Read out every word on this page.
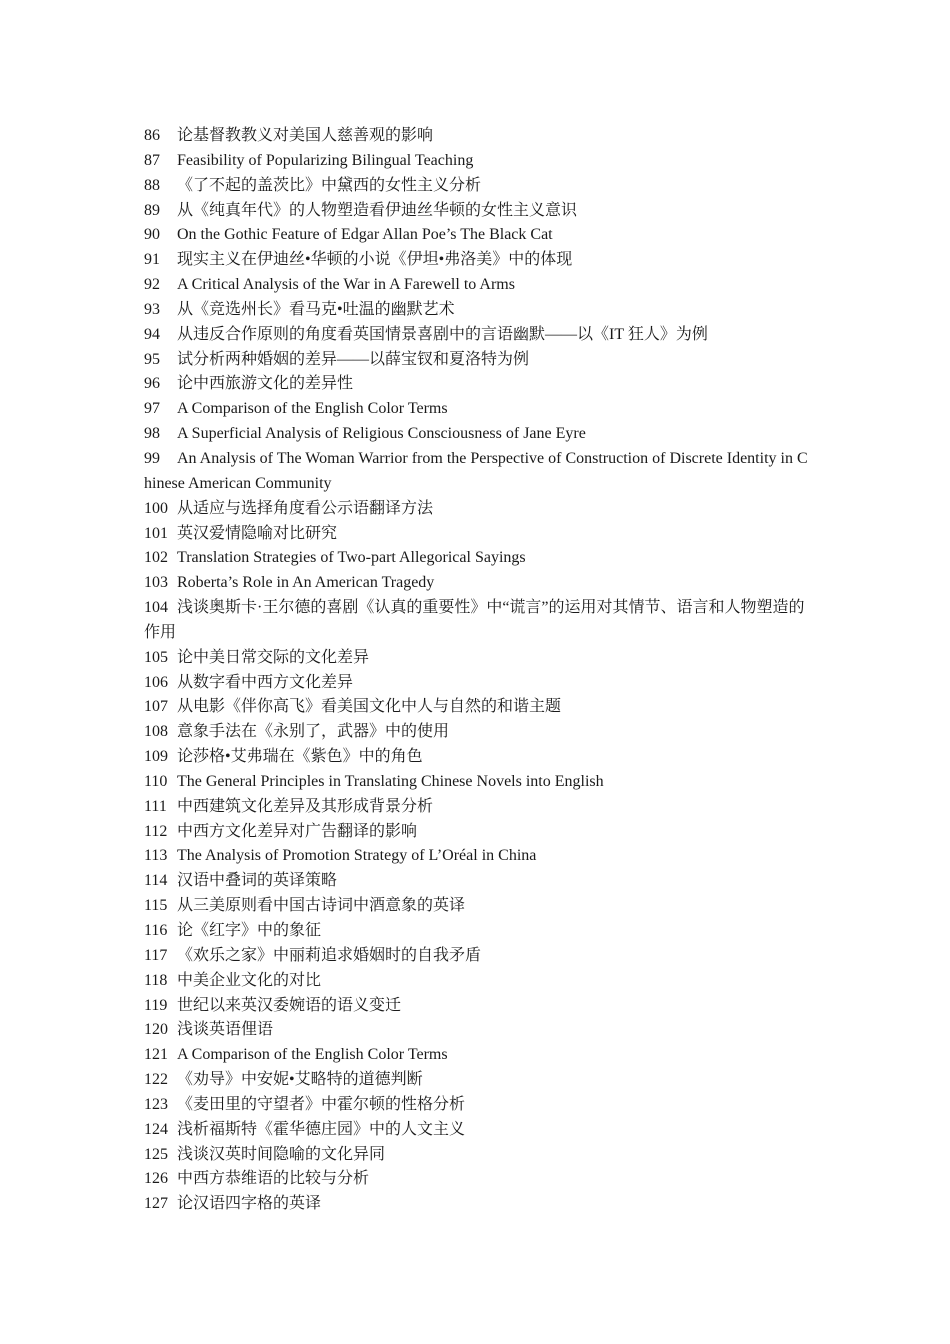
86 论基督教教义对美国人慈善观的影响
87 Feasibility of Popularizing Bilingual Teaching
88 《了不起的盖茨比》中黛西的女性主义分析
89 从《纯真年代》的人物塑造看伊迪丝华顿的女性主义意识
90 On the Gothic Feature of Edgar Allan Poe’s The Black Cat
91 现实主义在伊迪丝•华顿的小说《伊坦•弗洛美》中的体现
92 A Critical Analysis of the War in A Farewell to Arms
93 从《竞选州长》看马克•吐温的幽默艺术
94 从违反合作原则的角度看英国情景喜剧中的言语幽默——以《IT 狂人》为例
95 试分析两种婚姻的差异——以薛宝钗和夏洛特为例
96 论中西旅游文化的差异性
97 A Comparison of the English Color Terms
98 A Superficial Analysis of Religious Consciousness of Jane Eyre
99 An Analysis of The Woman Warrior from the Perspective of Construction of Discrete Identity in Chinese American Community
100 从适应与选择角度看公示语翻译方法
101 英汉爱情隐喻对比研究
102 Translation Strategies of Two-part Allegorical Sayings
103 Roberta’s Role in An American Tragedy
104 浅谈奥斯卡·王尔德的喜剧《认真的重要性》中“谎言”的运用对其情节、语言和人物塑造的作用
105 论中美日常交际的文化差异
106 从数字看中西方文化差异
107 从电影《伴你高飞》看美国文化中人与自然的和谐主题
108 意象手法在《永别了，武器》中的使用
109 论莎格•艾弗瑞在《紫色》中的角色
110 The General Principles in Translating Chinese Novels into English
111 中西建筑文化差异及其形成背景分析
112 中西方文化差异对广告翻译的影响
113 The Analysis of Promotion Strategy of L’Oréal in China
114 汉语中叠词的英译策略
115 从三美原则看中国古诗词中酒意象的英译
116 论《红字》中的象征
117 《欢乐之家》中丽莉追求婚姻时的自我矛盾
118 中美企业文化的对比
119 世纪以来英汉委婉语的语义变迁
120 浅谈英语俚语
121 A Comparison of the English Color Terms
122 《劝导》中安妮•艾略特的道德判断
123 《麦田里的守望者》中霍尔顿的性格分析
124 浅析福斯特《霍华德庄园》中的人文主义
125 浅谈汉英时间隐喻的文化异同
126 中西方恭维语的比较与分析
127 论汉语四字格的英译
